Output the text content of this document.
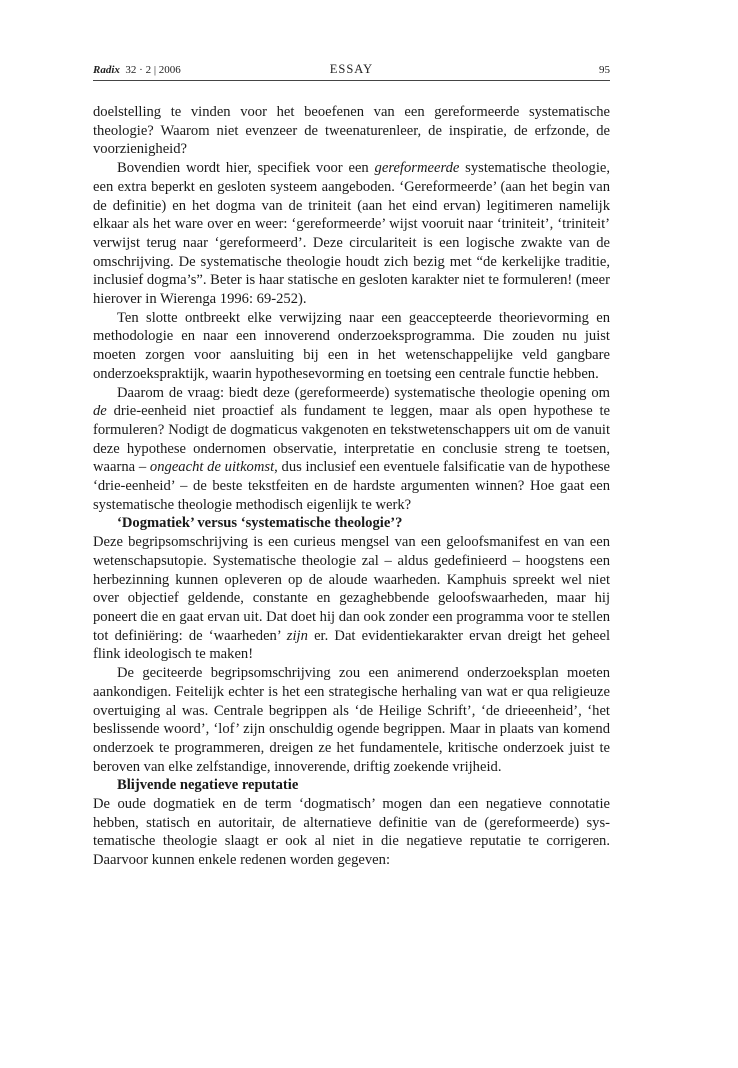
Radix 32 · 2 | 2006	ESSAY	95

doelstelling te vinden voor het beoefenen van een gereformeerde systematische theologie? Waarom niet evenzeer de tweenaturenleer, de inspiratie, de erfzonde, de voorzienigheid?

Bovendien wordt hier, specifiek voor een gereformeerde systematische theologie, een extra beperkt en gesloten systeem aangeboden. ‘Gereformeerde’ (aan het begin van de definitie) en het dogma van de triniteit (aan het eind ervan) legitimeren namelijk elkaar als het ware over en weer: ‘gereformeerde’ wijst vooruit naar ‘triniteit’, ‘triniteit’ verwijst terug naar ‘gereformeerd’. Deze circulariteit is een logische zwakte van de omschrijving. De systematische theologie houdt zich bezig met “de kerkelijke traditie, inclusief dogma’s”. Beter is haar statische en gesloten karakter niet te formuleren! (meer hierover in Wierenga 1996: 69-252).

Ten slotte ontbreekt elke verwijzing naar een geaccepteerde theorievorming en methodologie en naar een innoverend onderzoeksprogramma. Die zouden nu juist moeten zorgen voor aansluiting bij een in het wetenschappelijke veld gangbare onderzoekspraktijk, waarin hypothesevorming en toetsing een centrale functie hebben.

Daarom de vraag: biedt deze (gereformeerde) systematische theologie opening om de drie-eenheid niet proactief als fundament te leggen, maar als open hypothese te formuleren? Nodigt de dogmaticus vakgenoten en tekstwetenschappers uit om de vanuit deze hypothese ondernomen observatie, interpretatie en conclusie streng te toetsen, waarna – ongeacht de uitkomst, dus inclusief een eventuele falsificatie van de hypothese ‘drie-eenheid’ – de beste tekstfeiten en de hardste argumenten winnen? Hoe gaat een systematische theologie methodisch eigenlijk te werk?

‘Dogmatiek’ versus ‘systematische theologie’?

Deze begripsomschrijving is een curieus mengsel van een geloofsmanifest en van een wetenschapsutopie. Systematische theologie zal – aldus gedefinieerd – hoogstens een herbezinning kunnen opleveren op de aloude waarheden. Kamphuis spreekt wel niet over objectief geldende, constante en gezaghebbende geloofswaarheden, maar hij poneert die en gaat ervan uit. Dat doet hij dan ook zonder een programma voor te stellen tot definiëring: de ‘waarheden’ zijn er. Dat evidentiekarakter ervan dreigt het geheel flink ideologisch te maken!

De geciteerde begripsomschrijving zou een animerend onderzoeksplan moeten aankondigen. Feitelijk echter is het een strategische herhaling van wat er qua religieuze overtuiging al was. Centrale begrippen als ‘de Heilige Schrift’, ‘de drieeenheid’, ‘het beslissende woord’, ‘lof’ zijn onschuldig ogende begrippen. Maar in plaats van komend onderzoek te programmeren, dreigen ze het fundamentele, kritische onderzoek juist te beroven van elke zelfstandige, innoverende, driftig zoekende vrijheid.

Blijvende negatieve reputatie

De oude dogmatiek en de term ‘dogmatisch’ mogen dan een negatieve connotatie hebben, statisch en autoritair, de alternatieve definitie van de (gereformeerde) systematische theologie slaagt er ook al niet in die negatieve reputatie te corrigeren. Daarvoor kunnen enkele redenen worden gegeven:
